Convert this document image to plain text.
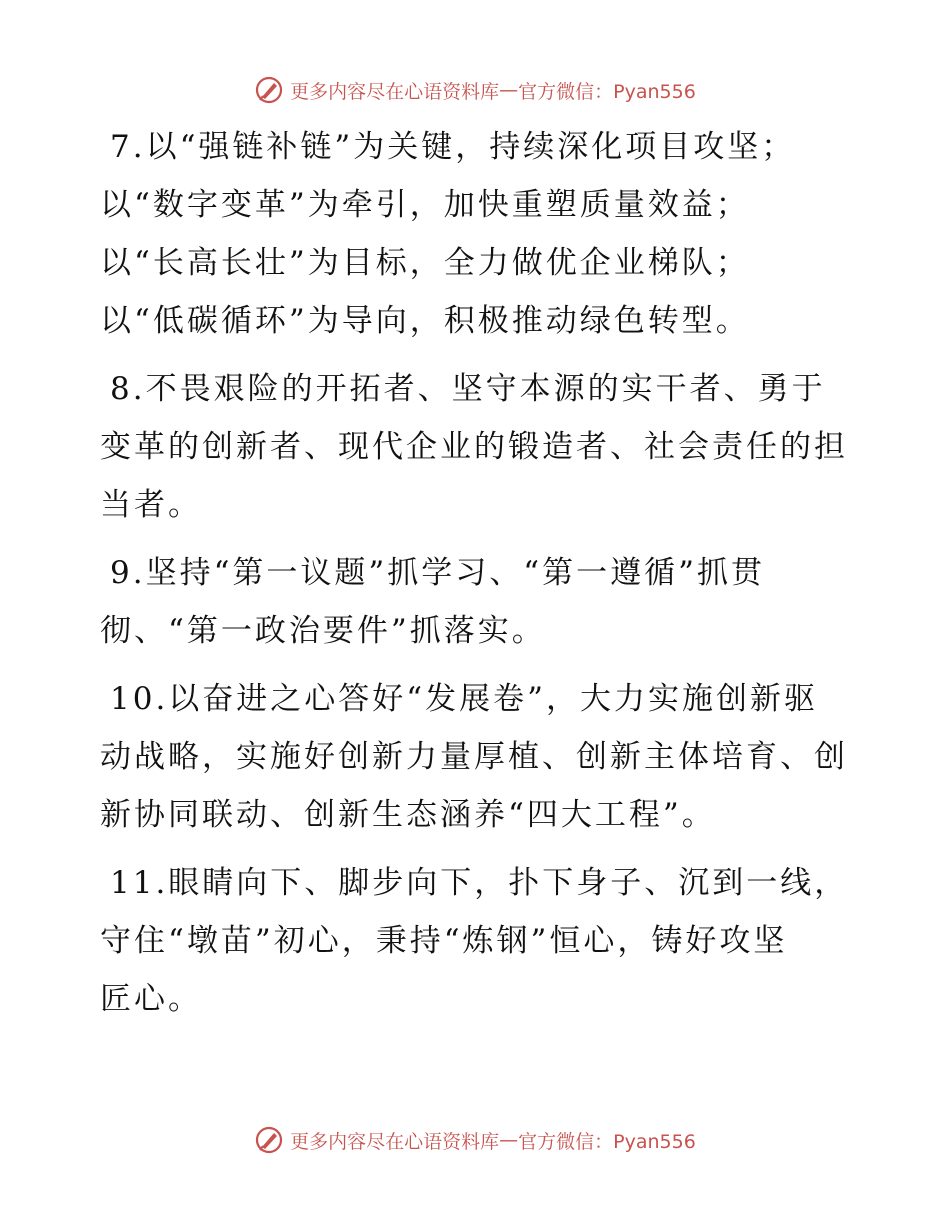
更多内容尽在心语资料库 — 官方微信：Pyan556
7.以“强链补链”为关键，持续深化项目攻坚；
以“数字变革”为牵引，加快重塑质量效益；
以“长高长壮”为目标，全力做优企业梯队；
以“低碳循环”为导向，积极推动绿色转型。
8.不畏艰险的开拓者、坚守本源的实干者、勇于
变革的创新者、现代企业的锻造者、社会责任的担
当者。
9.坚持“第一议题”抓学习、“第一遵循”抓贯
彻、“第一政治要件”抓落实。
10.以奋进之心答好“发展卷”，大力实施创新驱
动战略，实施好创新力量厚植、创新主体培育、创
新协同联动、创新生态涵养“四大工程”。
11.眼睛向下、脚步向下，扑下身子、沉到一线，
守住“墩苗”初心，秉持“炼钢”恒心，铸好攻坚
匠心。
更多内容尽在心语资料库 — 官方微信：Pyan556
